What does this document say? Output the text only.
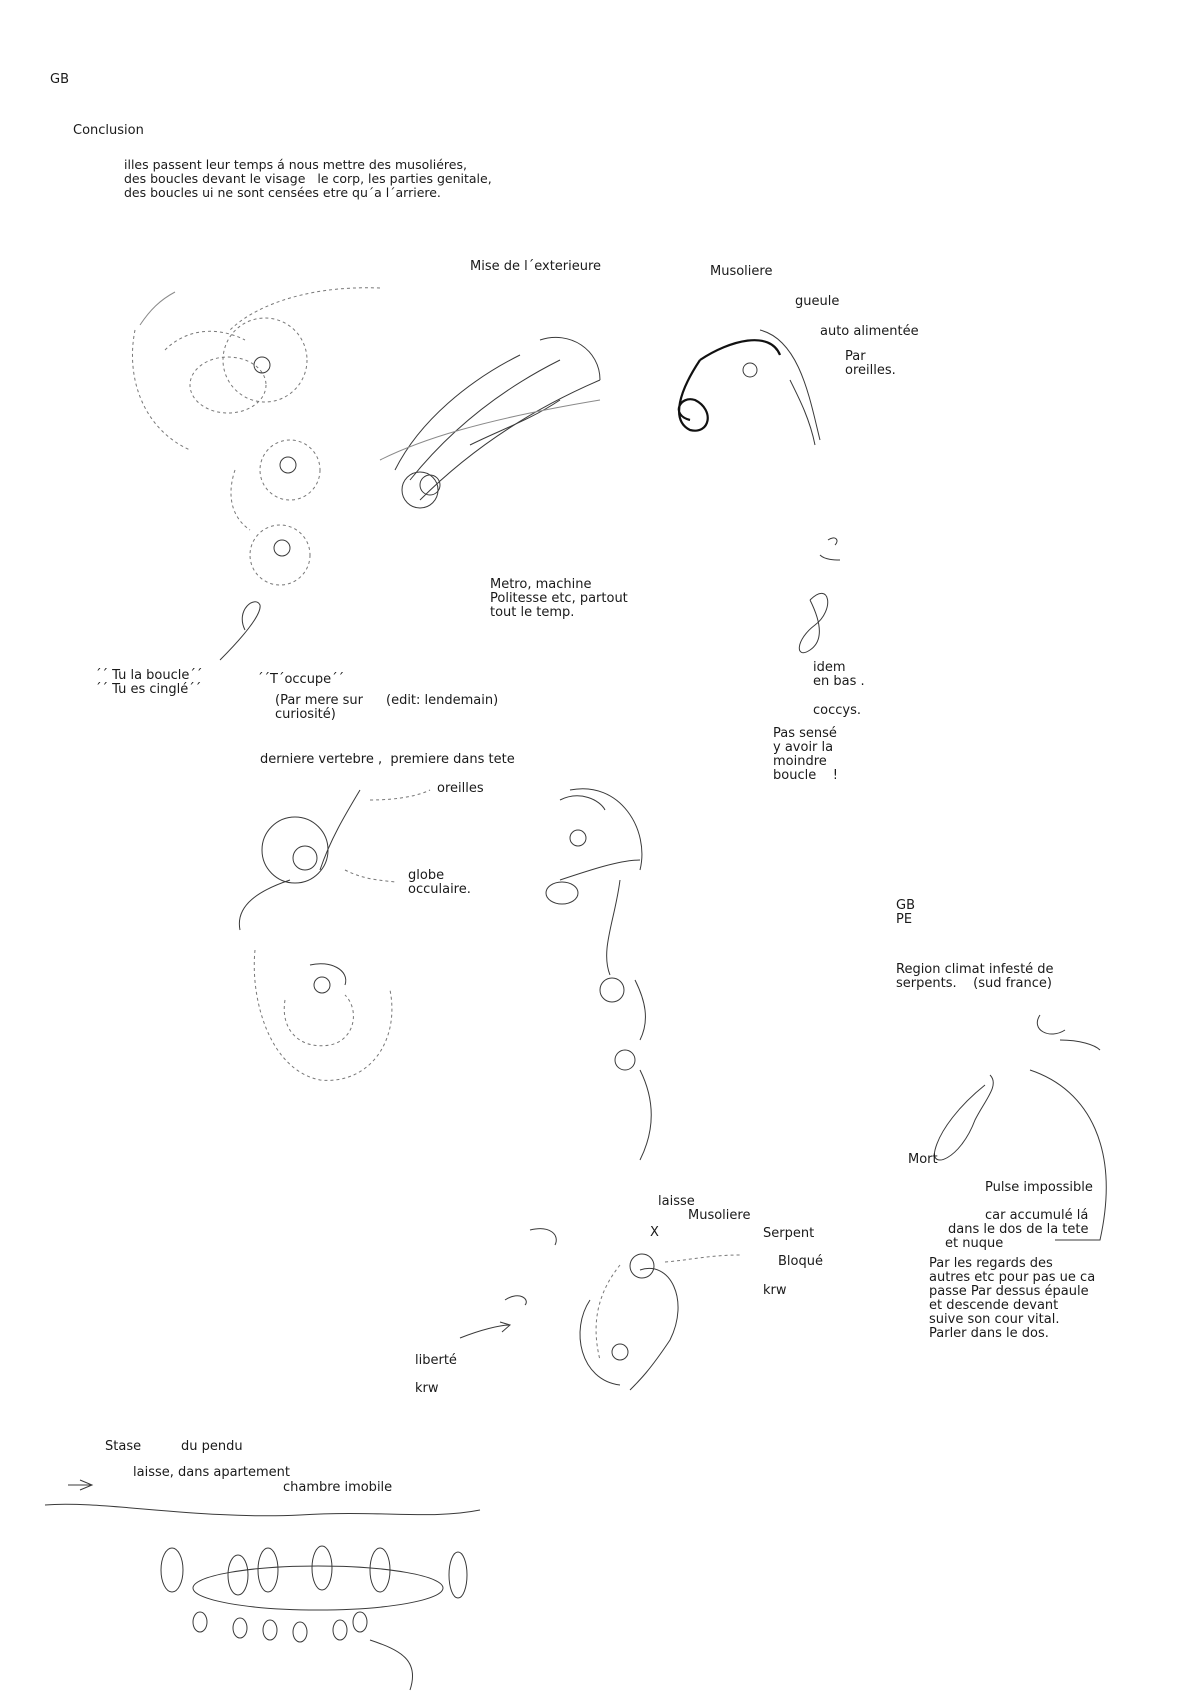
GB
Conclusion
illes passent leur temps á nous mettre des musoliéres,
des boucles devant le visage   le corp, les parties genitale,
des boucles ui ne sont censées etre qu´a l´arriere.
Mise de l´exterieure	Musoliere
gueule
auto alimentée
Par
oreilles.
Metro, machine
Politesse etc, partout
tout le temp.
´´ Tu la boucle´´
´´ Tu es cinglé´´
´´T´occupe´´
(Par mere sur
curiosité)
(edit: lendemain)
idem
en bas .
coccys.
Pas sensé
y avoir la
moindre
boucle    !
derniere vertebre ,  premiere dans tete
oreilles
globe
occulaire.
GB
PE
Region climat infesté de
serpents.    (sud france)
Mort
Pulse impossible
car accumulé lá
dans le dos de la tete
et nuque
Par les regards des
autres etc pour pas ue ca
passe Par dessus épaule
et descende devant
suive son cour vital.
Parler dans le dos.
laisse
Musoliere
X	Serpent
Bloqué
krw
liberté
krw
Stase	du pendu
laisse, dans apartement
chambre imobile
